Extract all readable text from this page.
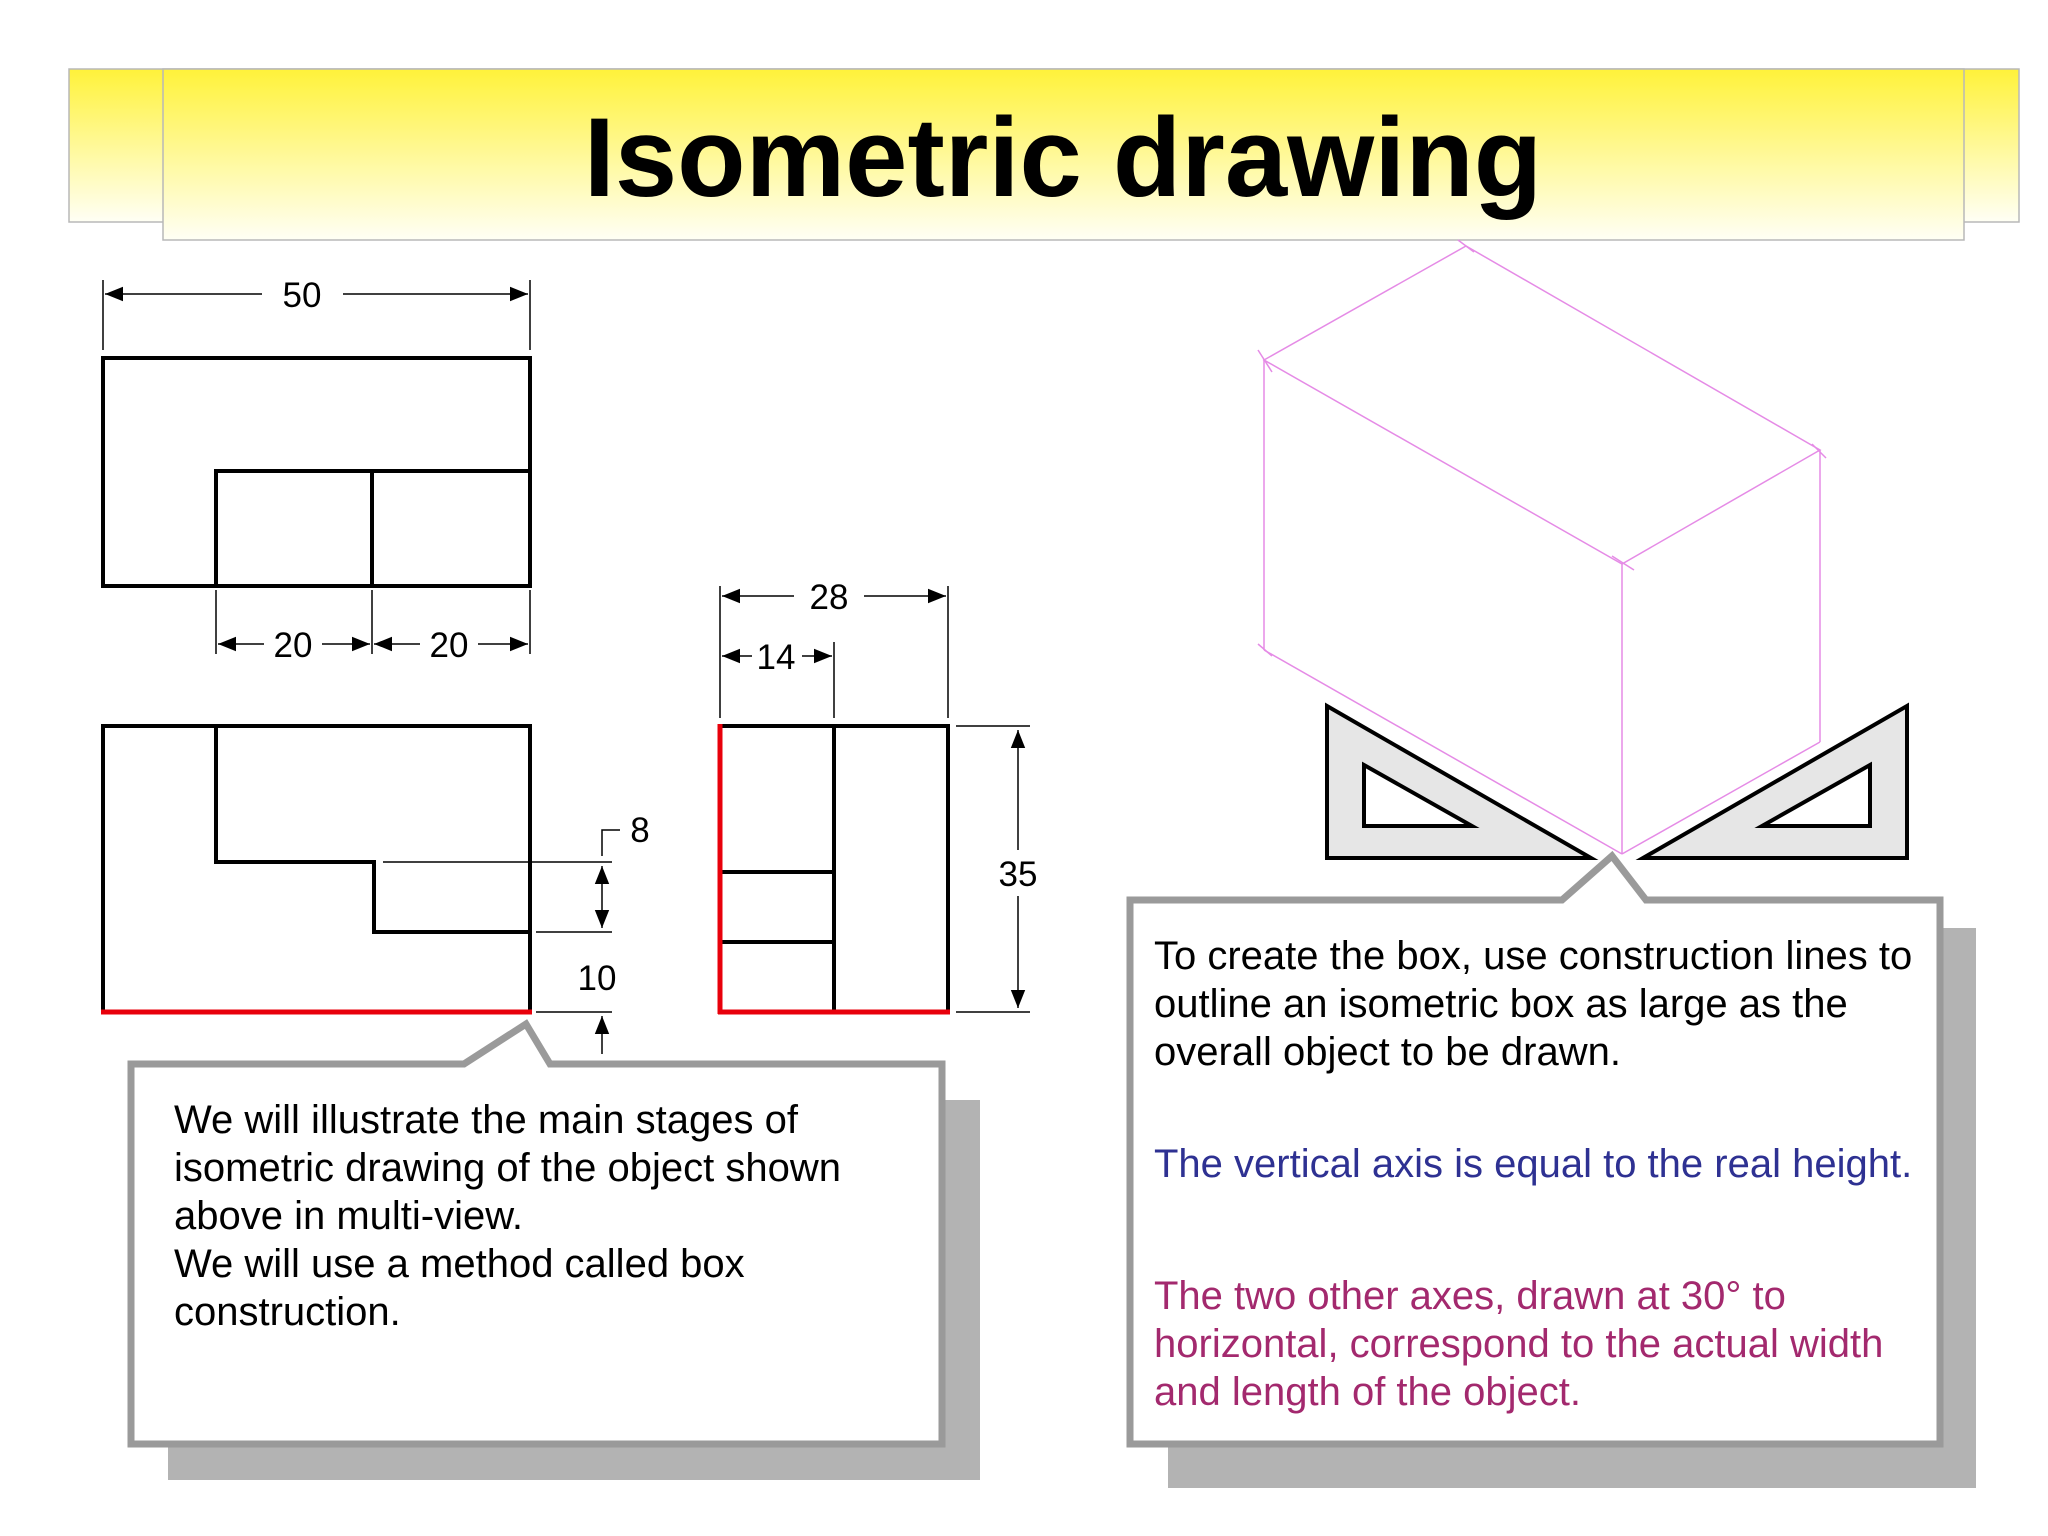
Isometric drawing
50
20	20
8
10
28
14
35
We will illustrate the main stages of
isometric drawing of the object shown
above in multi-view.
We will use a method called box
construction.

To create the box, use construction lines to outline an isometric box as large as the overall object to be drawn.

The vertical axis is equal to the real height.

The two other axes, drawn at 30° to horizontal, correspond to the actual width and length of the object.
